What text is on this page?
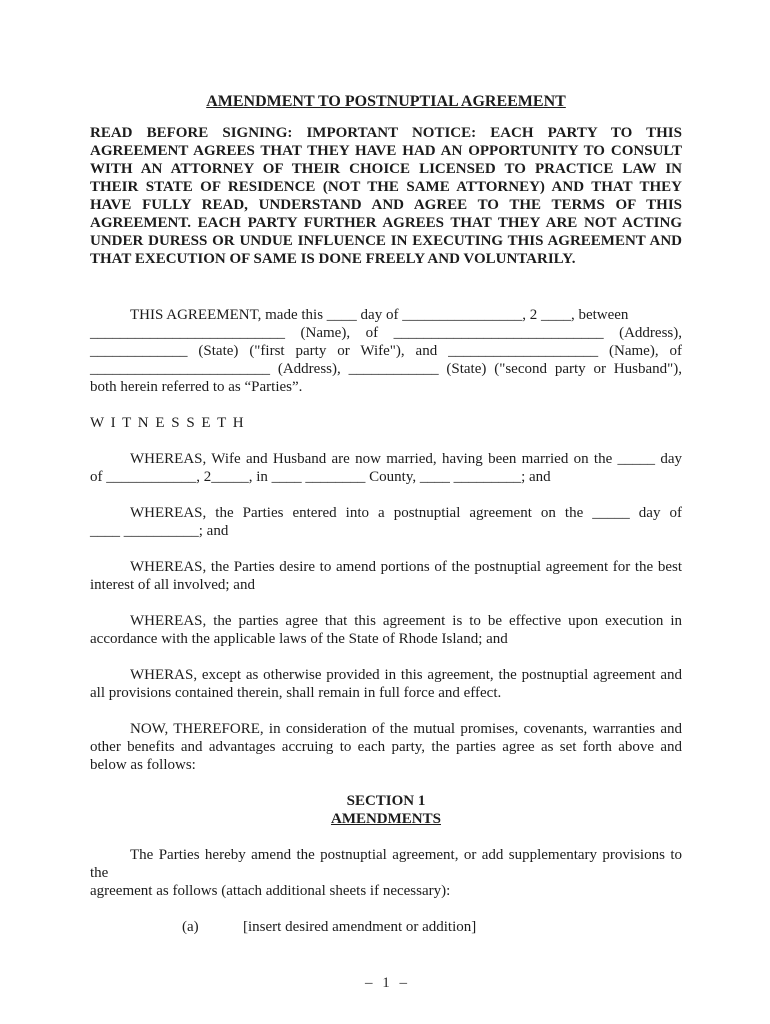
AMENDMENT TO POSTNUPTIAL AGREEMENT
READ BEFORE SIGNING: IMPORTANT NOTICE: EACH PARTY TO THIS
AGREEMENT AGREES THAT THEY HAVE HAD AN OPPORTUNITY TO CONSULT
WITH AN ATTORNEY OF THEIR CHOICE LICENSED TO PRACTICE LAW IN
THEIR STATE OF RESIDENCE (NOT THE SAME ATTORNEY) AND THAT THEY
HAVE FULLY READ, UNDERSTAND AND AGREE TO THE TERMS OF THIS
AGREEMENT. EACH PARTY FURTHER AGREES THAT THEY ARE NOT ACTING
UNDER DURESS OR UNDUE INFLUENCE IN EXECUTING THIS AGREEMENT AND
THAT EXECUTION OF SAME IS DONE FREELY AND VOLUNTARILY.
THIS AGREEMENT, made this ____ day of ________________, 2 ____, between
__________________________ (Name), of ____________________________ (Address),
_____________ (State) ("first party or Wife"), and ____________________ (Name), of
________________________ (Address), ____________ (State) ("second party or Husband"),
both herein referred to as “Parties”.
W I T N E S S E T H
WHEREAS, Wife and Husband are now married, having been married on the _____ day
of ____________, 2_____, in ____ ________ County, ____ _________; and
WHEREAS, the Parties entered into a postnuptial agreement on the _____ day of
____ __________; and
WHEREAS, the Parties desire to amend portions of the postnuptial agreement for the best
interest of all involved; and
WHEREAS, the parties agree that this agreement is to be effective upon execution in
accordance with the applicable laws of the State of Rhode Island; and
WHERAS, except as otherwise provided in this agreement, the postnuptial agreement and
all provisions contained therein, shall remain in full force and effect.
NOW, THEREFORE, in consideration of the mutual promises, covenants, warranties and
other benefits and advantages accruing to each party, the parties agree as set forth above and
below as follows:
SECTION 1
AMENDMENTS
The Parties hereby amend the postnuptial agreement, or add supplementary provisions to the
agreement as follows (attach additional sheets if necessary):
(a)	[insert desired amendment or addition]
– 1 –
